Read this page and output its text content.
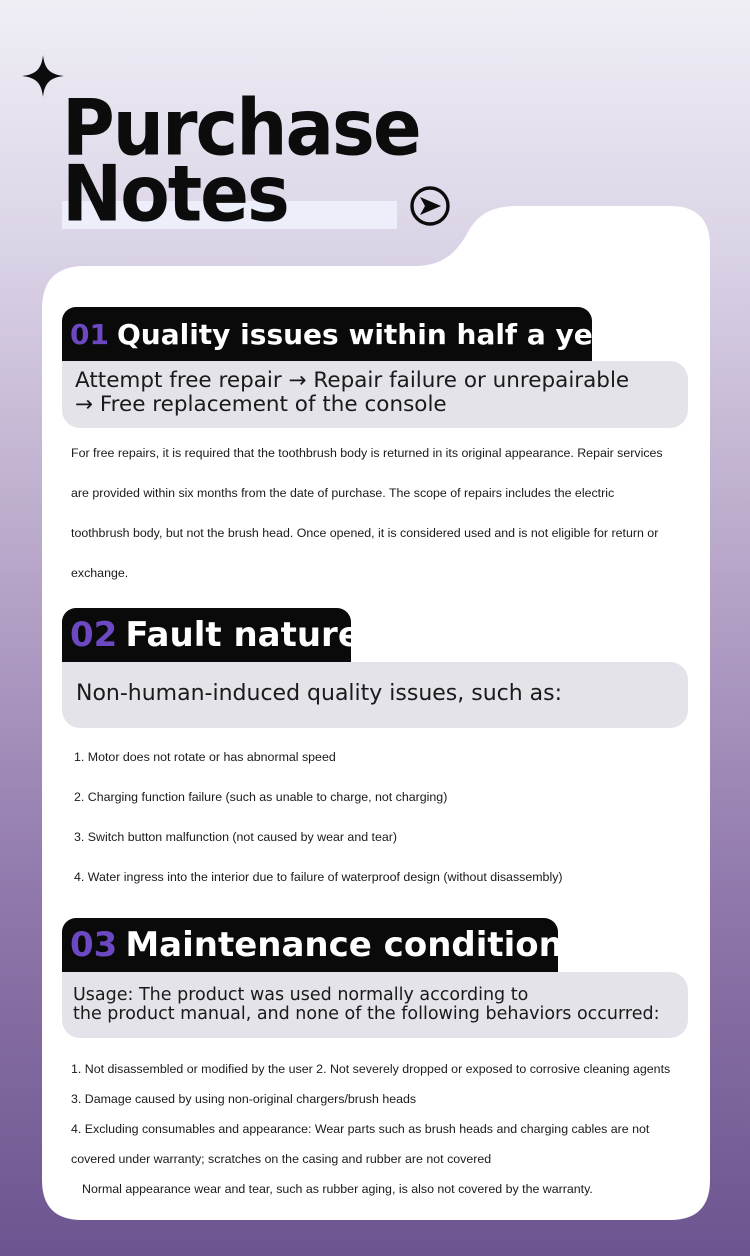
Purchase
Notes
01 Quality issues within half a year
Attempt free repair → Repair failure or unrepairable
→ Free replacement of the console

For free repairs, it is required that the toothbrush body is returned in its original appearance. Repair services
are provided within six months from the date of purchase. The scope of repairs includes the electric
toothbrush body, but not the brush head. Once opened, it is considered used and is not eligible for return or
exchange.

02 Fault nature
Non-human-induced quality issues, such as:
1. Motor does not rotate or has abnormal speed
2. Charging function failure (such as unable to charge, not charging)
3. Switch button malfunction (not caused by wear and tear)
4. Water ingress into the interior due to failure of waterproof design (without disassembly)
03 Maintenance conditions
Usage: The product was used normally according to
the product manual, and none of the following behaviors occurred:
1. Not disassembled or modified by the user 2. Not severely dropped or exposed to corrosive cleaning agents
3. Damage caused by using non-original chargers/brush heads
4. Excluding consumables and appearance: Wear parts such as brush heads and charging cables are not
covered under warranty; scratches on the casing and rubber are not covered
Normal appearance wear and tear, such as rubber aging, is also not covered by the warranty.
